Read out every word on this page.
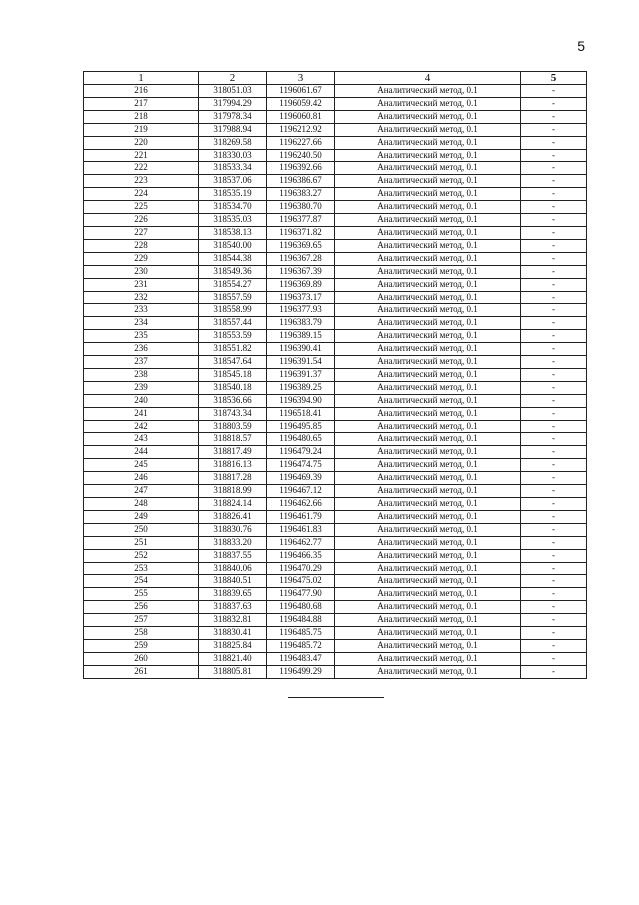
5
1	2	3	4	5
216	318051.03	1196061.67	Аналитический метод, 0.1	-
217	317994.29	1196059.42	Аналитический метод, 0.1	-
218	317978.34	1196060.81	Аналитический метод, 0.1	-
219	317988.94	1196212.92	Аналитический метод, 0.1	-
220	318269.58	1196227.66	Аналитический метод, 0.1	-
221	318330.03	1196240.50	Аналитический метод, 0.1	-
222	318533.34	1196392.66	Аналитический метод, 0.1	-
223	318537.06	1196386.67	Аналитический метод, 0.1	-
224	318535.19	1196383.27	Аналитический метод, 0.1	-
225	318534.70	1196380.70	Аналитический метод, 0.1	-
226	318535.03	1196377.87	Аналитический метод, 0.1	-
227	318538.13	1196371.82	Аналитический метод, 0.1	-
228	318540.00	1196369.65	Аналитический метод, 0.1	-
229	318544.38	1196367.28	Аналитический метод, 0.1	-
230	318549.36	1196367.39	Аналитический метод, 0.1	-
231	318554.27	1196369.89	Аналитический метод, 0.1	-
232	318557.59	1196373.17	Аналитический метод, 0.1	-
233	318558.99	1196377.93	Аналитический метод, 0.1	-
234	318557.44	1196383.79	Аналитический метод, 0.1	-
235	318553.59	1196389.15	Аналитический метод, 0.1	-
236	318551.82	1196390.41	Аналитический метод, 0.1	-
237	318547.64	1196391.54	Аналитический метод, 0.1	-
238	318545.18	1196391.37	Аналитический метод, 0.1	-
239	318540.18	1196389.25	Аналитический метод, 0.1	-
240	318536.66	1196394.90	Аналитический метод, 0.1	-
241	318743.34	1196518.41	Аналитический метод, 0.1	-
242	318803.59	1196495.85	Аналитический метод, 0.1	-
243	318818.57	1196480.65	Аналитический метод, 0.1	-
244	318817.49	1196479.24	Аналитический метод, 0.1	-
245	318816.13	1196474.75	Аналитический метод, 0.1	-
246	318817.28	1196469.39	Аналитический метод, 0.1	-
247	318818.99	1196467.12	Аналитический метод, 0.1	-
248	318824.14	1196462.66	Аналитический метод, 0.1	-
249	318826.41	1196461.79	Аналитический метод, 0.1	-
250	318830.76	1196461.83	Аналитический метод, 0.1	-
251	318833.20	1196462.77	Аналитический метод, 0.1	-
252	318837.55	1196466.35	Аналитический метод, 0.1	-
253	318840.06	1196470.29	Аналитический метод, 0.1	-
254	318840.51	1196475.02	Аналитический метод, 0.1	-
255	318839.65	1196477.90	Аналитический метод, 0.1	-
256	318837.63	1196480.68	Аналитический метод, 0.1	-
257	318832.81	1196484.88	Аналитический метод, 0.1	-
258	318830.41	1196485.75	Аналитический метод, 0.1	-
259	318825.84	1196485.72	Аналитический метод, 0.1	-
260	318821.40	1196483.47	Аналитический метод, 0.1	-
261	318805.81	1196499.29	Аналитический метод, 0.1	-
